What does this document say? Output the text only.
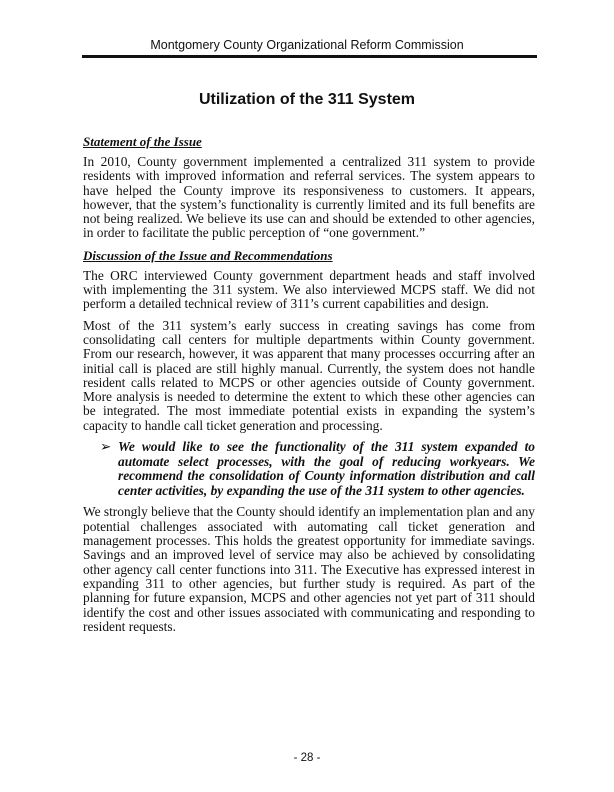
Montgomery County Organizational Reform Commission
Utilization of the 311 System
Statement of the Issue
In 2010, County government implemented a centralized 311 system to provide residents with improved information and referral services. The system appears to have helped the County improve its responsiveness to customers. It appears, however, that the system’s functionality is currently limited and its full benefits are not being realized. We believe its use can and should be extended to other agencies, in order to facilitate the public perception of “one government.”
Discussion of the Issue and Recommendations
The ORC interviewed County government department heads and staff involved with implementing the 311 system. We also interviewed MCPS staff. We did not perform a detailed technical review of 311’s current capabilities and design.
Most of the 311 system’s early success in creating savings has come from consolidating call centers for multiple departments within County government. From our research, however, it was apparent that many processes occurring after an initial call is placed are still highly manual. Currently, the system does not handle resident calls related to MCPS or other agencies outside of County government. More analysis is needed to determine the extent to which these other agencies can be integrated. The most immediate potential exists in expanding the system’s capacity to handle call ticket generation and processing.
➢ We would like to see the functionality of the 311 system expanded to automate select processes, with the goal of reducing workyears. We recommend the consolidation of County information distribution and call center activities, by expanding the use of the 311 system to other agencies.
We strongly believe that the County should identify an implementation plan and any potential challenges associated with automating call ticket generation and management processes. This holds the greatest opportunity for immediate savings. Savings and an improved level of service may also be achieved by consolidating other agency call center functions into 311. The Executive has expressed interest in expanding 311 to other agencies, but further study is required. As part of the planning for future expansion, MCPS and other agencies not yet part of 311 should identify the cost and other issues associated with communicating and responding to resident requests.
- 28 -
